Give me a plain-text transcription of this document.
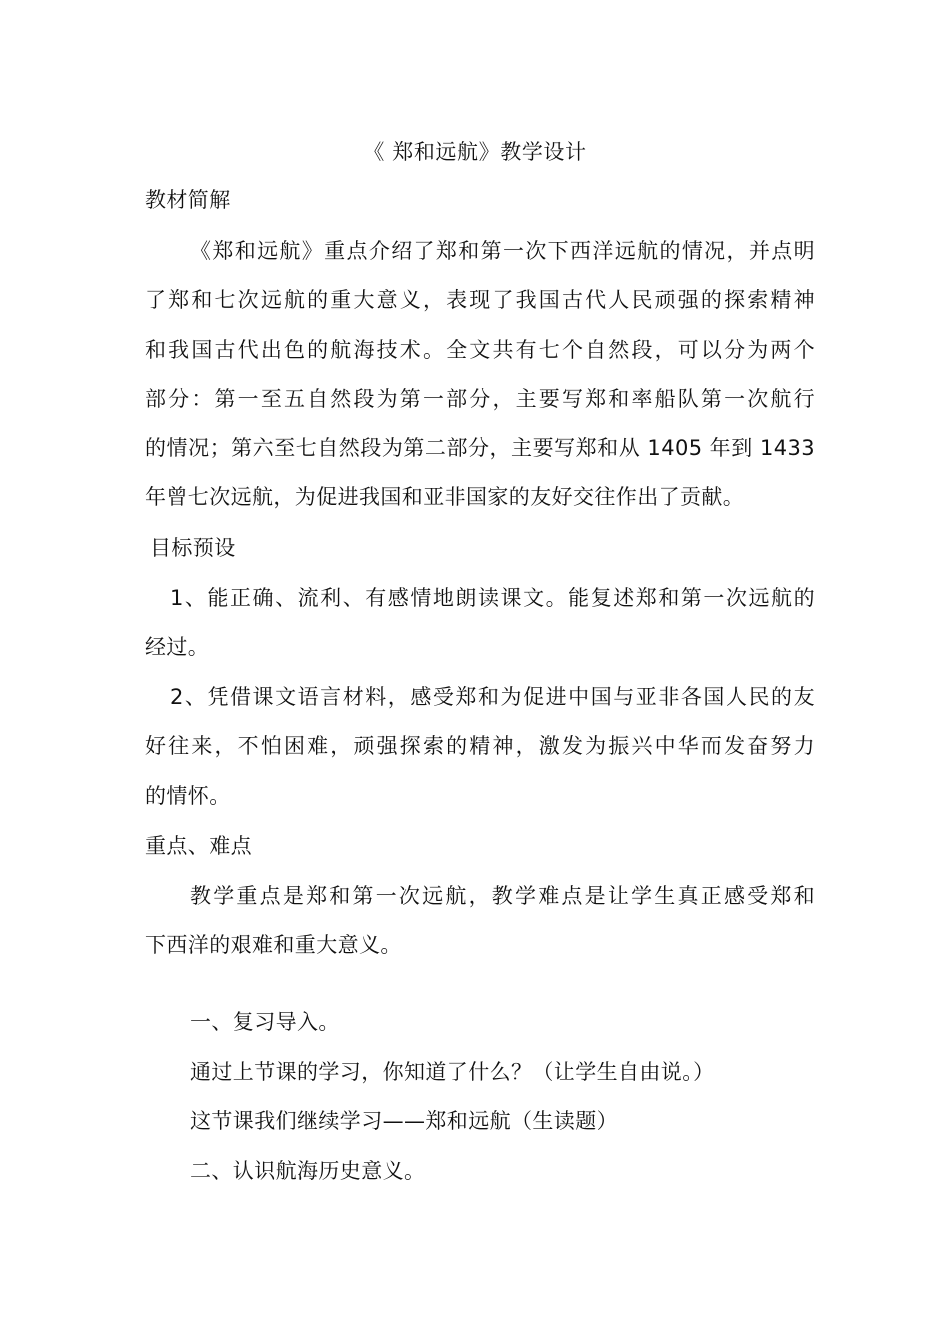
《 郑和远航》教学设计
教材简解
《郑和远航》重点介绍了郑和第一次下西洋远航的情况，并点明
了郑和七次远航的重大意义，表现了我国古代人民顽强的探索精神
和我国古代出色的航海技术。全文共有七个自然段，可以分为两个
部分：第一至五自然段为第一部分，主要写郑和率船队第一次航行
的情况；第六至七自然段为第二部分，主要写郑和从 1405 年到 1433
年曾七次远航，为促进我国和亚非国家的友好交往作出了贡献。
目标预设
1、能正确、流利、有感情地朗读课文。能复述郑和第一次远航的
经过。
2、凭借课文语言材料，感受郑和为促进中国与亚非各国人民的友
好往来，不怕困难，顽强探索的精神，激发为振兴中华而发奋努力
的情怀。
重点、难点
教学重点是郑和第一次远航，教学难点是让学生真正感受郑和
下西洋的艰难和重大意义。
一、复习导入。
通过上节课的学习，你知道了什么？（让学生自由说。）
这节课我们继续学习——郑和远航（生读题）
二、认识航海历史意义。
